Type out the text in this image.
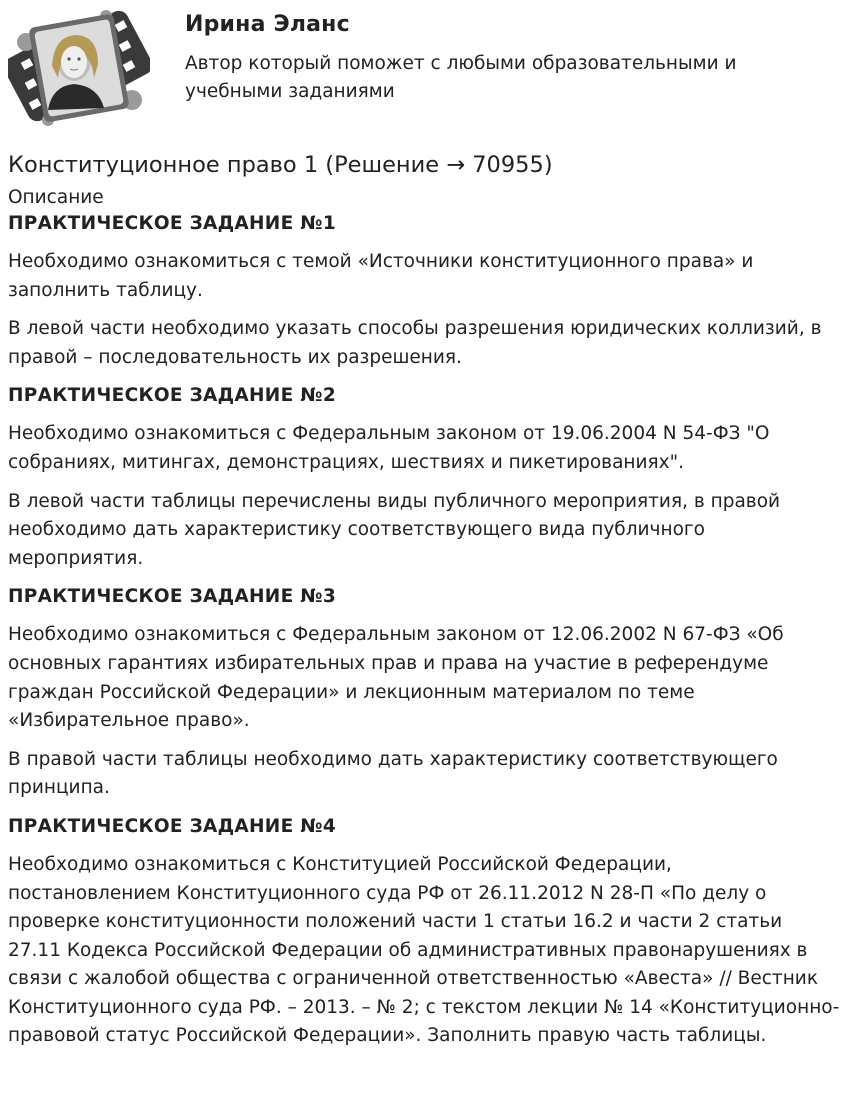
Ирина Эланс
Автор который поможет с любыми образовательными и учебными заданиями
Конституционное право 1 (Решение → 70955)
Описание
ПРАКТИЧЕСКОЕ ЗАДАНИЕ №1

Необходимо ознакомиться с темой «Источники конституционного права» и заполнить таблицу.

В левой части необходимо указать способы разрешения юридических коллизий, в правой – последовательность их разрешения.

ПРАКТИЧЕСКОЕ ЗАДАНИЕ №2

Необходимо ознакомиться с Федеральным законом от 19.06.2004 N 54-ФЗ "О собраниях, митингах, демонстрациях, шествиях и пикетированиях".

В левой части таблицы перечислены виды публичного мероприятия, в правой необходимо дать характеристику соответствующего вида публичного мероприятия.

ПРАКТИЧЕСКОЕ ЗАДАНИЕ №3

Необходимо ознакомиться с Федеральным законом от 12.06.2002 N 67-ФЗ «Об основных гарантиях избирательных прав и права на участие в референдуме граждан Российской Федерации» и лекционным материалом по теме «Избирательное право».

В правой части таблицы необходимо дать характеристику соответствующего принципа.

ПРАКТИЧЕСКОЕ ЗАДАНИЕ №4

Необходимо ознакомиться с Конституцией Российской Федерации, постановлением Конституционного суда РФ от 26.11.2012 N 28-П «По делу о проверке конституционности положений части 1 статьи 16.2 и части 2 статьи 27.11 Кодекса Российской Федерации об административных правонарушениях в связи с жалобой общества с ограниченной ответственностью «Авеста» // Вестник Конституционного суда РФ. – 2013. – № 2; с текстом лекции № 14 «Конституционно-правовой статус Российской Федерации». Заполнить правую часть таблицы.
